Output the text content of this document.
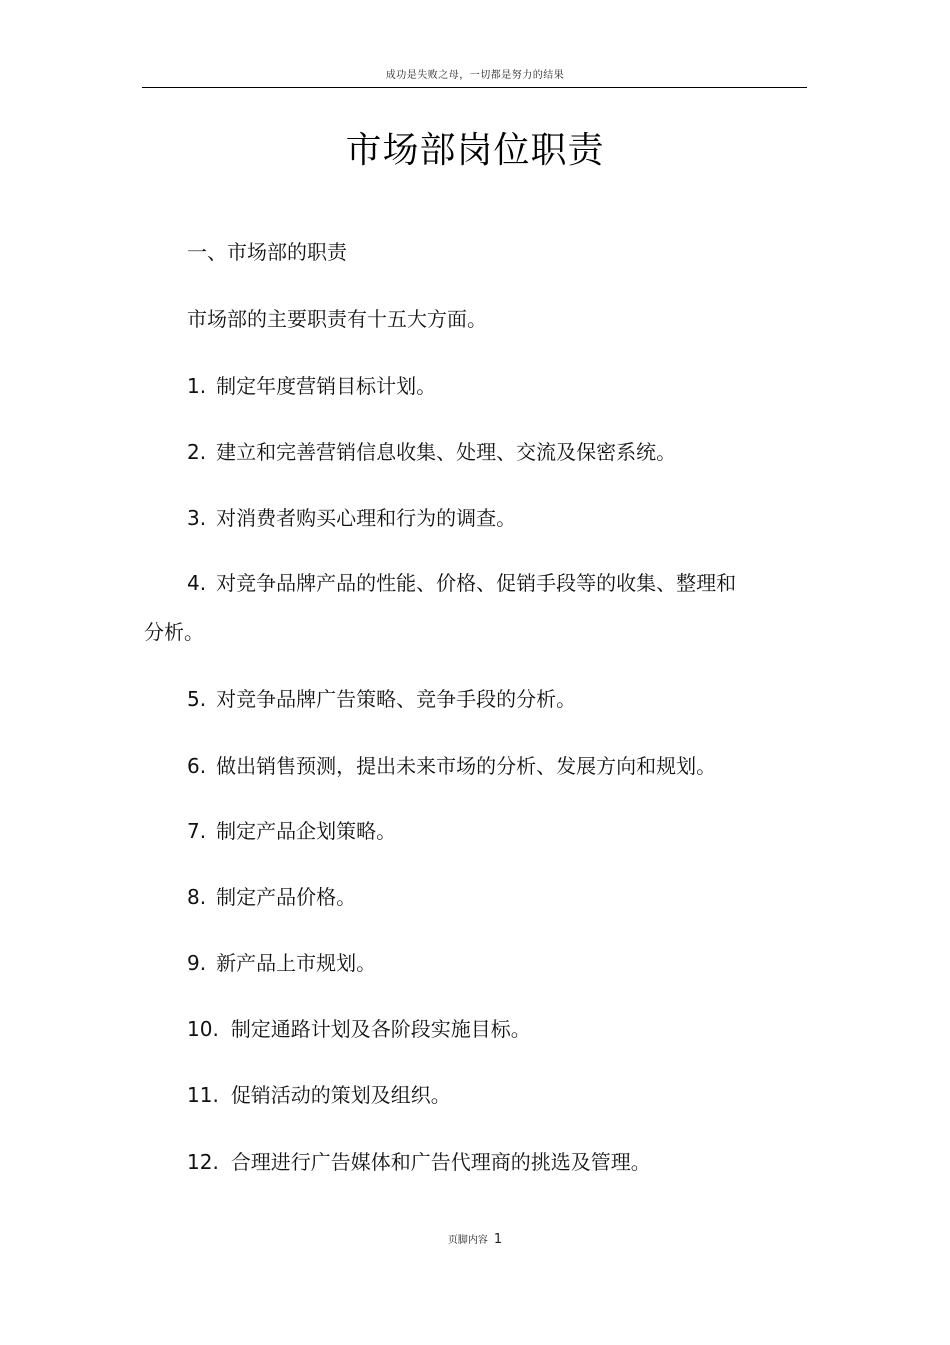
成功是失败之母，一切都是努力的结果
市场部岗位职责
一、市场部的职责
市场部的主要职责有十五大方面。
1. 制定年度营销目标计划。
2. 建立和完善营销信息收集、处理、交流及保密系统。
3. 对消费者购买心理和行为的调查。
4. 对竞争品牌产品的性能、价格、促销手段等的收集、整理和
分析。
5. 对竞争品牌广告策略、竞争手段的分析。
6. 做出销售预测，提出未来市场的分析、发展方向和规划。
7. 制定产品企划策略。
8. 制定产品价格。
9. 新产品上市规划。
10. 制定通路计划及各阶段实施目标。
11. 促销活动的策划及组织。
12. 合理进行广告媒体和广告代理商的挑选及管理。
页脚内容 1
